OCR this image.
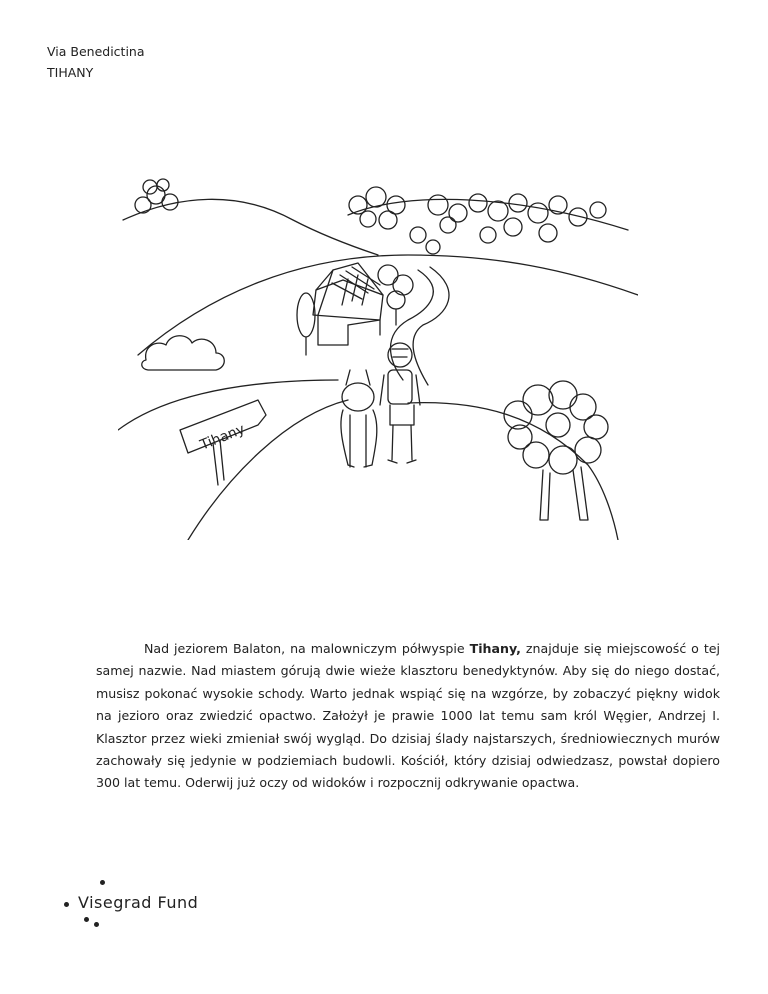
Via Benedictina
TIHANY
Tihany
Nad jeziorem Balaton, na malowniczym półwyspie Tihany, znajduje się miejscowość o tej samej nazwie. Nad miastem górują dwie wieże klasztoru benedyktynów. Aby się do niego dostać, musisz pokonać wysokie schody. Warto jednak wspiąć się na wzgórze, by zobaczyć piękny widok na jezioro oraz zwiedzić opactwo. Założył je prawie 1000 lat temu sam król Węgier, Andrzej I. Klasztor przez wieki zmieniał swój wygląd. Do dzisiaj ślady najstarszych, średniowiecznych murów zachowały się jedynie w podziemiach budowli. Kościół, który dzisiaj odwiedzasz, powstał dopiero 300 lat temu. Oderwij już oczy od widoków i rozpocznij odkrywanie opactwa.
Visegrad Fund
